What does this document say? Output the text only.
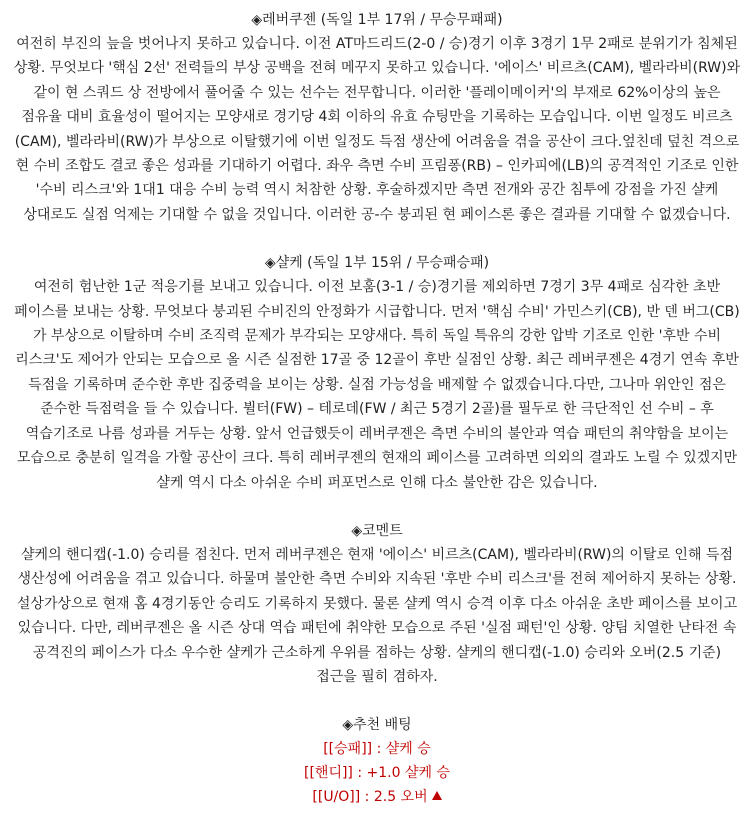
◈레버쿠젠 (독일 1부 17위 / 무승무패패)

여전히 부진의 늪을 벗어나지 못하고 있습니다. 이전 AT마드리드(2-0 / 승)경기 이후 3경기 1무 2패로 분위기가 침체된 상황. 무엇보다 '핵심 2선' 전력들의 부상 공백을 전혀 메꾸지 못하고 있습니다. '에이스' 비르츠(CAM), 벨라라비(RW)와 같이 현 스쿼드 상 전방에서 풀어줄 수 있는 선수는 전무합니다. 이러한 '플레이메이커'의 부재로 62%이상의 높은 점유율 대비 효율성이 떨어지는 모양새로 경기당 4회 이하의 유효 슈팅만을 기록하는 모습입니다. 이번 일정도 비르츠(CAM), 벨라라비(RW)가 부상으로 이탈했기에 이번 일정도 득점 생산에 어려움을 겪을 공산이 크다.엎친데 덮친 격으로 현 수비 조합도 결코 좋은 성과를 기대하기 어렵다. 좌우 측면 수비 프림퐁(RB) – 인카피에(LB)의 공격적인 기조로 인한 '수비 리스크'와 1대1 대응 수비 능력 역시 처참한 상황. 후술하겠지만 측면 전개와 공간 침투에 강점을 가진 샬케 상대로도 실점 억제는 기대할 수 없을 것입니다. 이러한 공-수 붕괴된 현 페이스론 좋은 결과를 기대할 수 없겠습니다.

◈샬케 (독일 1부 15위 / 무승패승패)

여전히 험난한 1군 적응기를 보내고 있습니다. 이전 보훔(3-1 / 승)경기를 제외하면 7경기 3무 4패로 심각한 초반 페이스를 보내는 상황. 무엇보다 붕괴된 수비진의 안정화가 시급합니다. 먼저 '핵심 수비' 가민스키(CB), 반 덴 버그(CB)가 부상으로 이탈하며 수비 조직력 문제가 부각되는 모양새다. 특히 독일 특유의 강한 압박 기조로 인한 '후반 수비 리스크'도 제어가 안되는 모습으로 올 시즌 실점한 17골 중 12골이 후반 실점인 상황. 최근 레버쿠젠은 4경기 연속 후반 득점을 기록하며 준수한 후반 집중력을 보이는 상황. 실점 가능성을 배제할 수 없겠습니다.다만, 그나마 위안인 점은 준수한 득점력을 들 수 있습니다. 뷜터(FW) – 테로데(FW / 최근 5경기 2골)를 필두로 한 극단적인 선 수비 – 후 역습기조로 나름 성과를 거두는 상황. 앞서 언급했듯이 레버쿠젠은 측면 수비의 불안과 역습 패턴의 취약함을 보이는 모습으로 충분히 일격을 가할 공산이 크다. 특히 레버쿠젠의 현재의 페이스를 고려하면 의외의 결과도 노릴 수 있겠지만 샬케 역시 다소 아쉬운 수비 퍼포먼스로 인해 다소 불안한 감은 있습니다.

◈코멘트

샬케의 핸디캡(-1.0) 승리를 점친다. 먼저 레버쿠젠은 현재 '에이스' 비르츠(CAM), 벨라라비(RW)의 이탈로 인해 득점 생산성에 어려움을 겪고 있습니다. 하물며 불안한 측면 수비와 지속된 '후반 수비 리스크'를 전혀 제어하지 못하는 상황. 설상가상으로 현재 홈 4경기동안 승리도 기록하지 못했다. 물론 샬케 역시 승격 이후 다소 아쉬운 초반 페이스를 보이고 있습니다. 다만, 레버쿠젠은 올 시즌 상대 역습 패턴에 취약한 모습으로 주된 '실점 패턴'인 상황. 양팀 치열한 난타전 속 공격진의 페이스가 다소 우수한 샬케가 근소하게 우위를 점하는 상황. 샬케의 핸디캡(-1.0) 승리와 오버(2.5 기준) 접근을 필히 겸하자.

◈추천 배팅

[[승패]] : 샬케 승

[[핸디]] : +1.0 샬케 승

[[U/O]] : 2.5 오버
